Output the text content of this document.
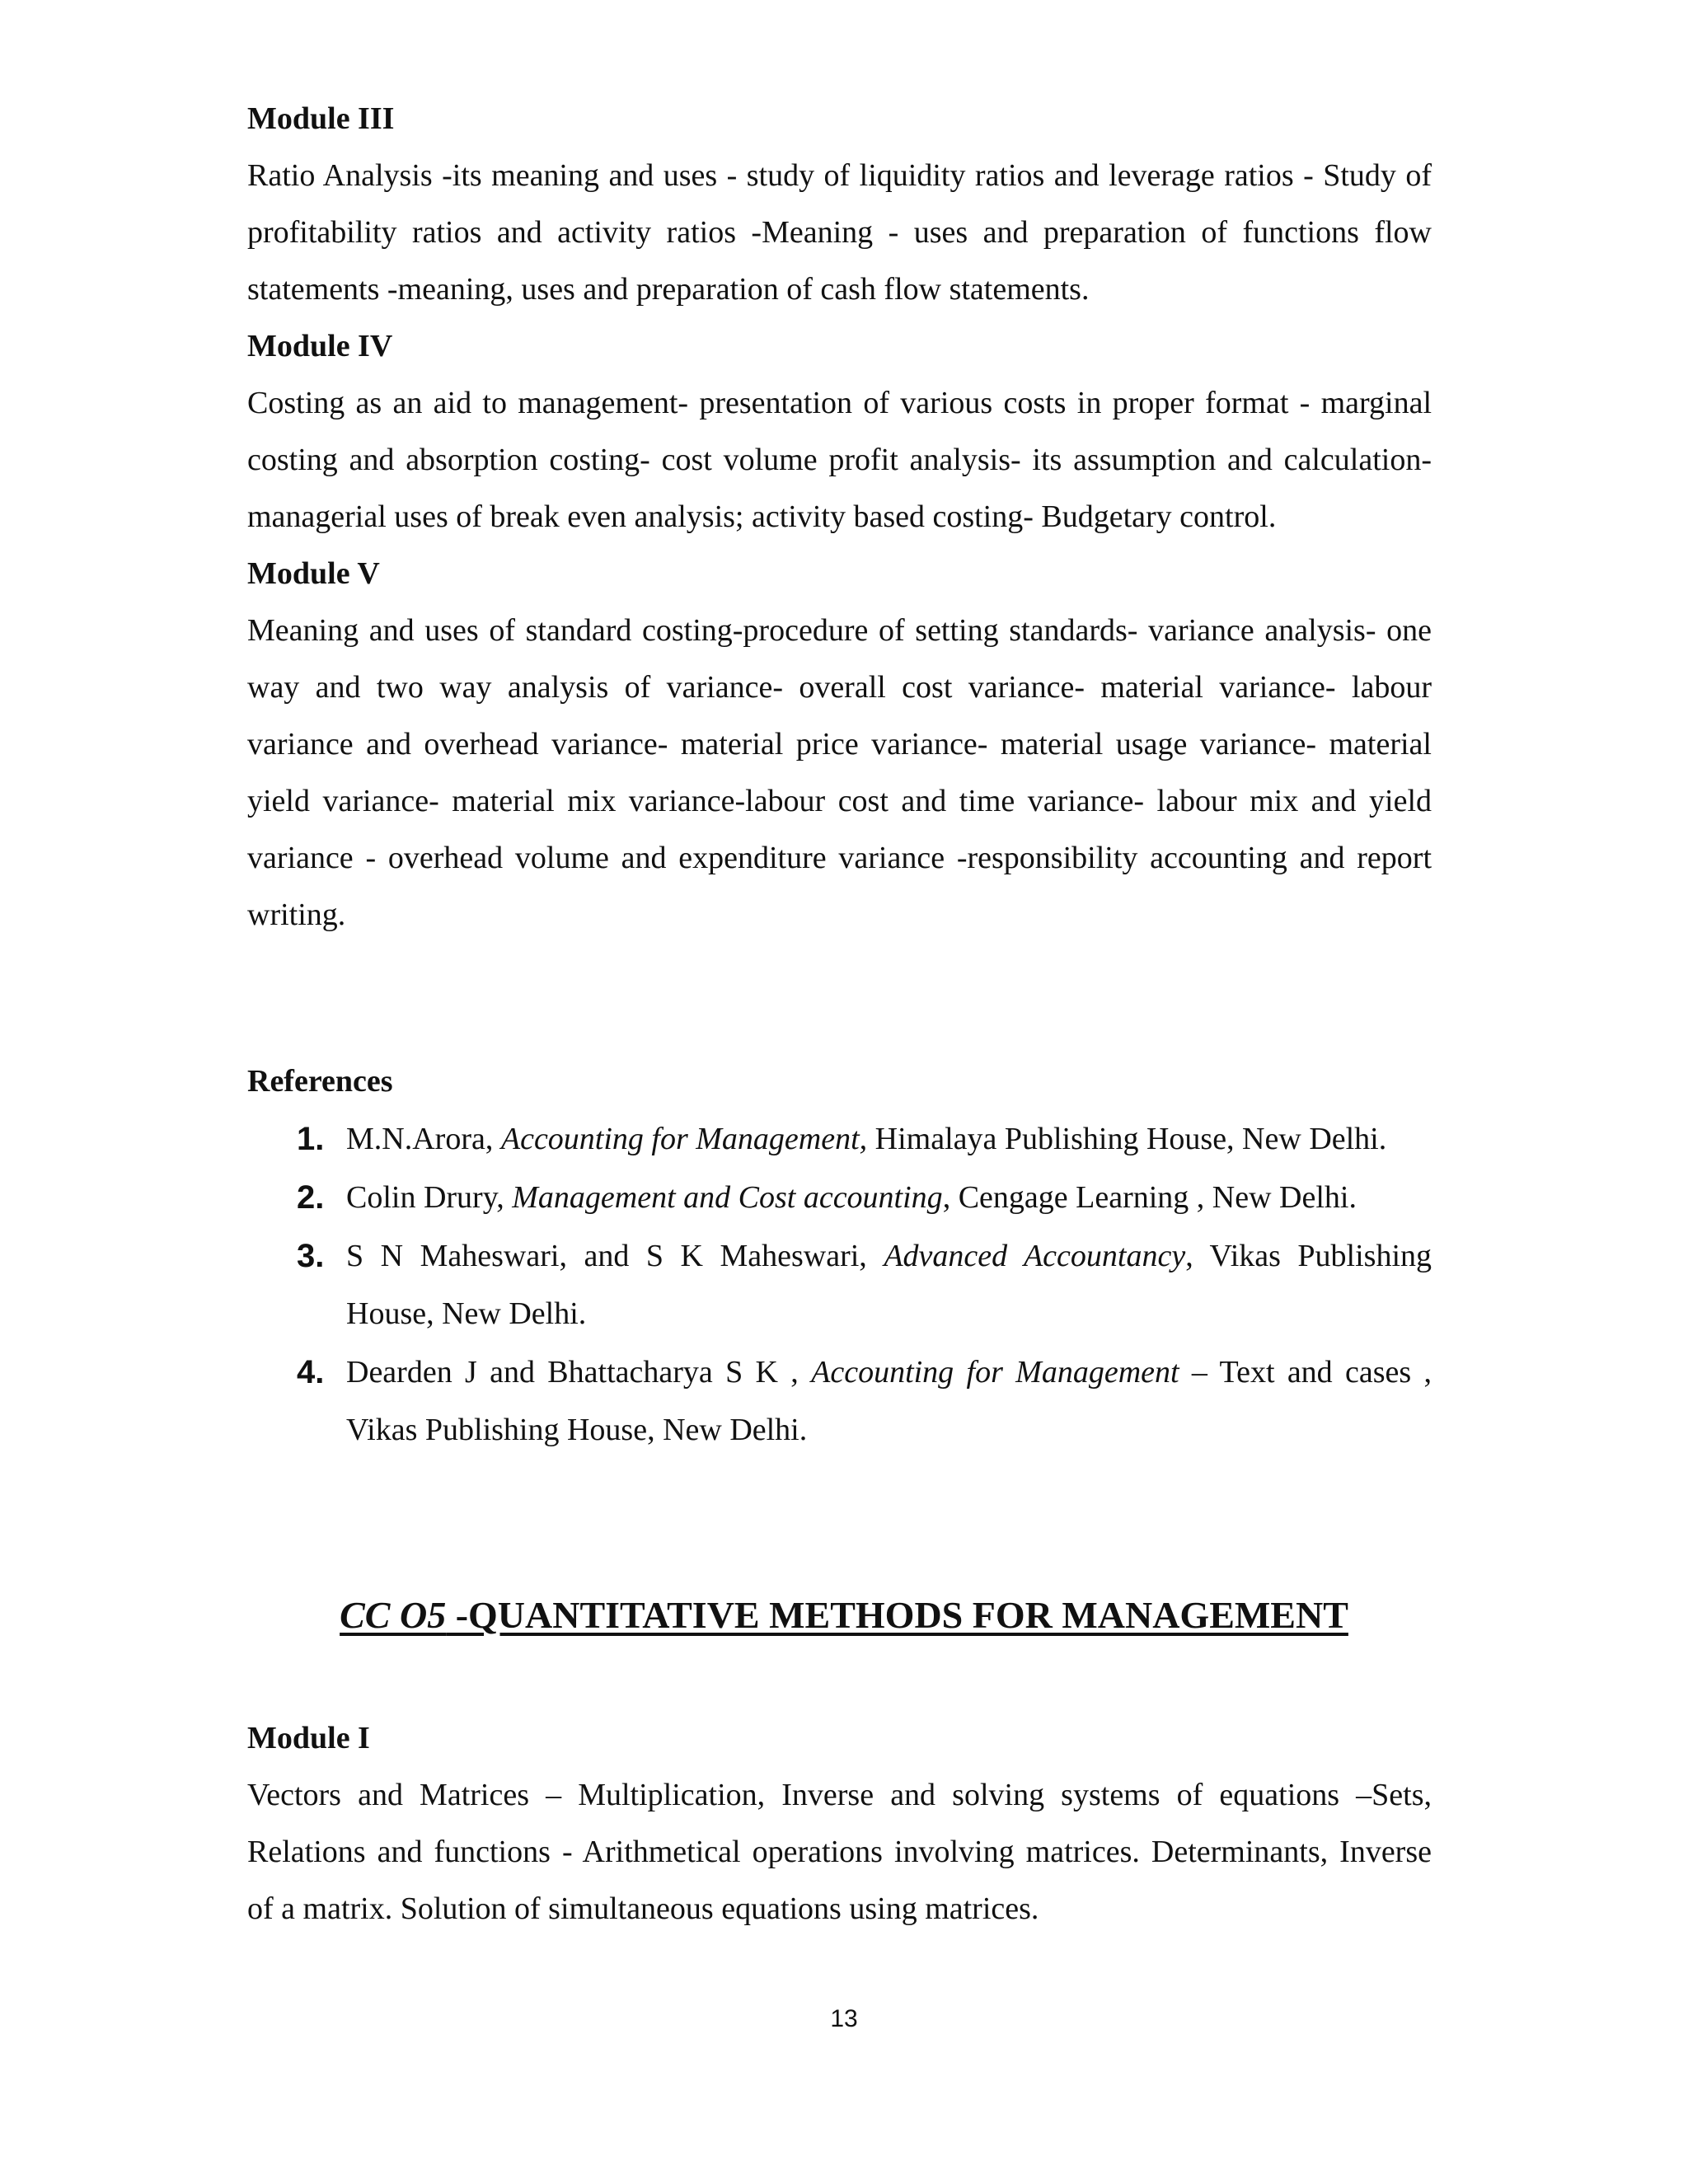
Module III

Ratio Analysis -its meaning and uses - study of liquidity ratios and leverage ratios - Study of profitability ratios and activity ratios -Meaning - uses and preparation of functions flow statements -meaning, uses and preparation of cash flow statements.

Module IV

Costing as an aid to management- presentation of various costs in proper format - marginal costing and absorption costing- cost volume profit analysis- its assumption and calculation- managerial uses of break even analysis; activity based costing- Budgetary control.

Module V

Meaning and uses of standard costing-procedure of setting standards- variance analysis- one way and two way analysis of variance- overall cost variance- material variance- labour variance and overhead variance- material price variance- material usage variance- material yield variance- material mix variance-labour cost and time variance- labour mix and yield variance - overhead volume and expenditure variance -responsibility accounting and report writing.

References
1. M.N.Arora, Accounting for Management, Himalaya Publishing House, New Delhi.
2. Colin Drury, Management and Cost accounting, Cengage Learning , New Delhi.
3. S N Maheswari, and S K Maheswari, Advanced Accountancy, Vikas Publishing House, New Delhi.
4. Dearden J and Bhattacharya S K , Accounting for Management – Text and cases , Vikas Publishing House, New Delhi.
CC O5 -QUANTITATIVE METHODS FOR MANAGEMENT
Module I

Vectors and Matrices – Multiplication, Inverse and solving systems of equations –Sets, Relations and functions - Arithmetical operations involving matrices. Determinants, Inverse of a matrix. Solution of simultaneous equations using matrices.

13
